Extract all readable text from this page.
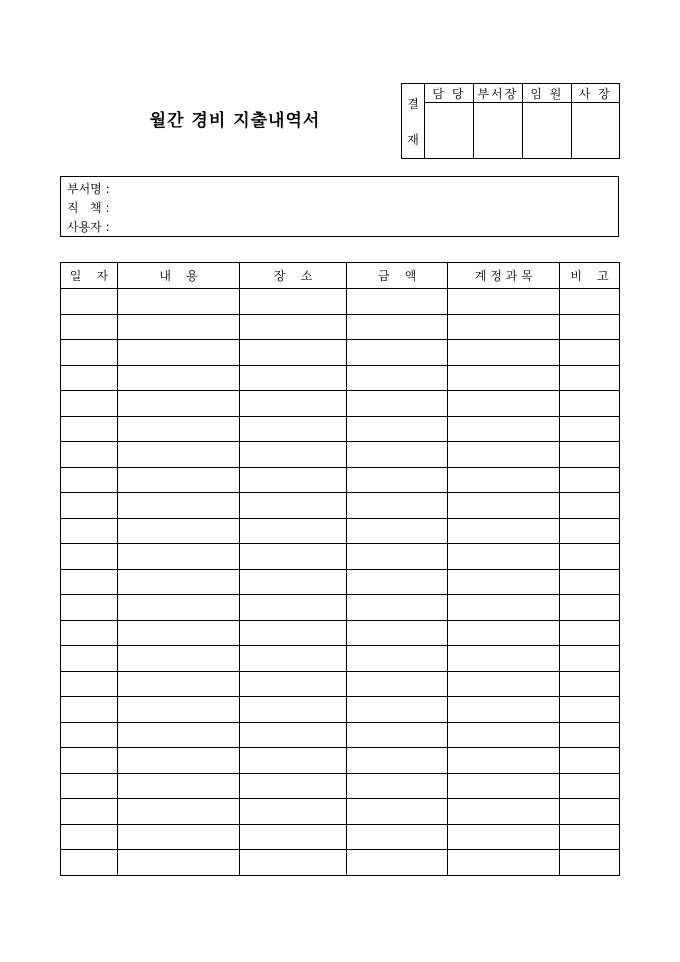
월간 경비 지출내역서
결
재	담 당	부서장	임 원	사 장

부서명 :
직   책 :
사용자 :
일    자	내    용	장    소	금    액	계 정 과 목	비    고
